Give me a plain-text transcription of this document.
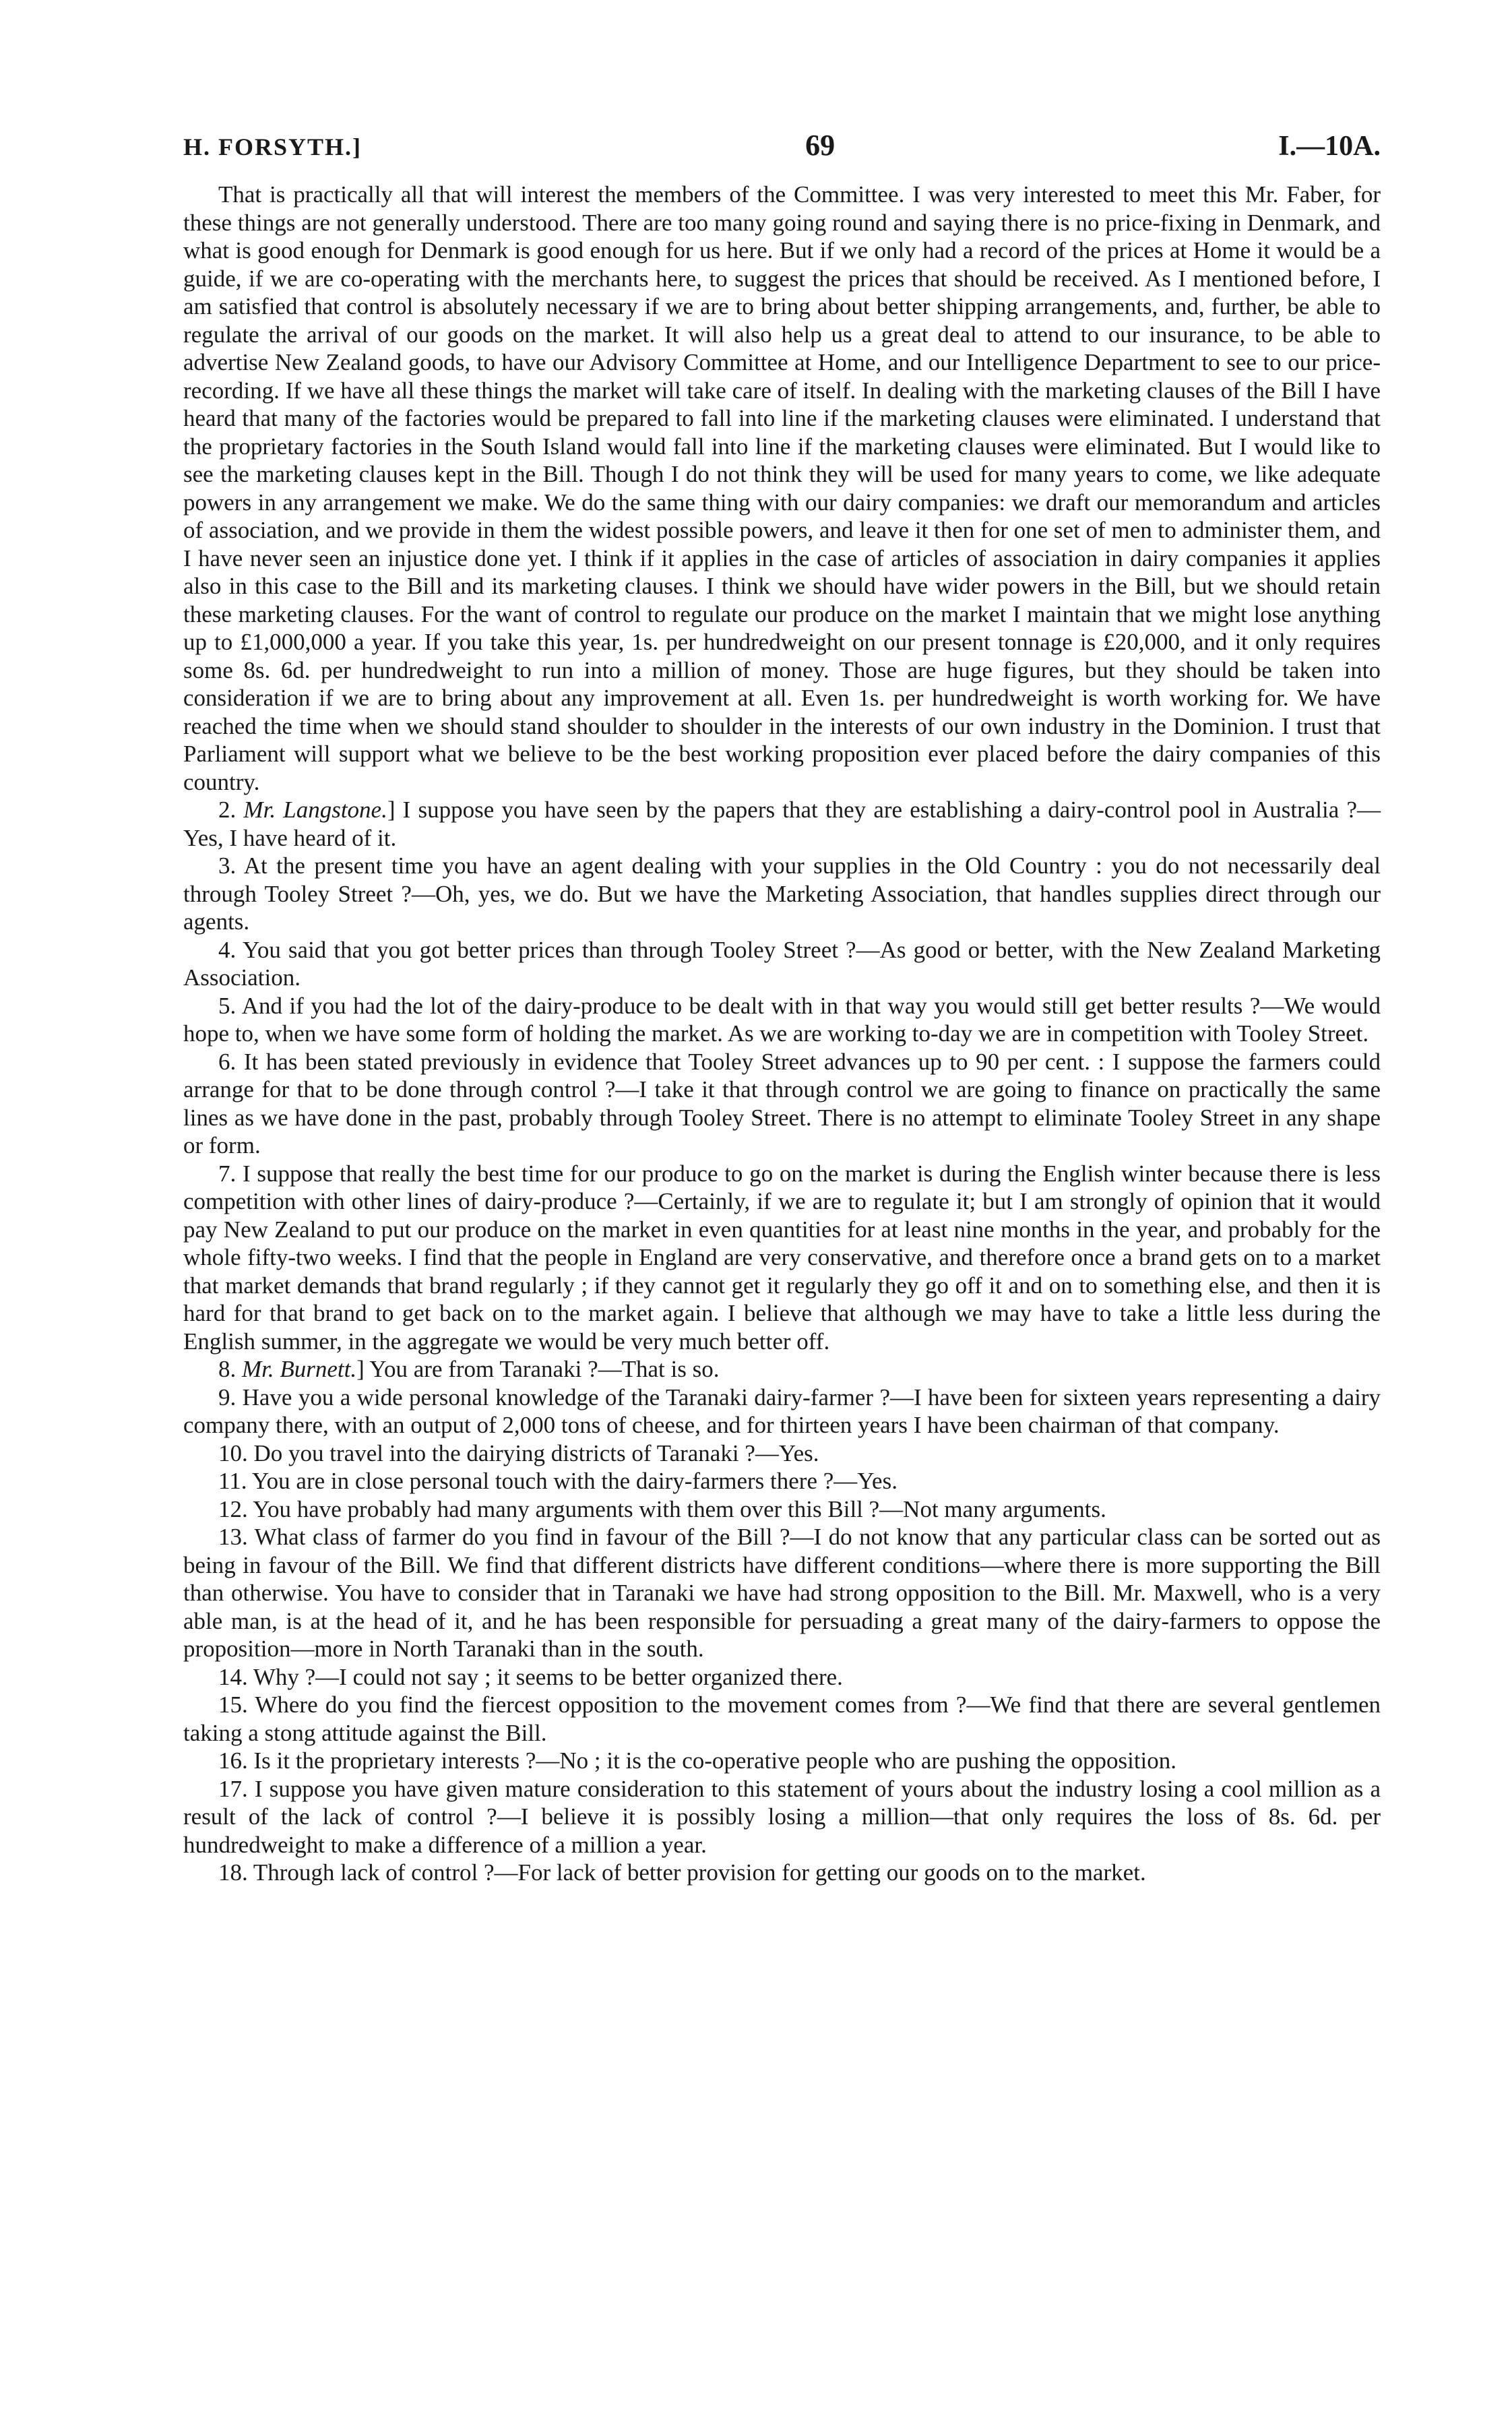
H. FORSYTH.]	69	I.—10A.

That is practically all that will interest the members of the Committee. I was very interested to meet this Mr. Faber, for these things are not generally understood. There are too many going round and saying there is no price-fixing in Denmark, and what is good enough for Denmark is good enough for us here. But if we only had a record of the prices at Home it would be a guide, if we are co-operating with the merchants here, to suggest the prices that should be received. As I mentioned before, I am satisfied that control is absolutely necessary if we are to bring about better shipping arrangements, and, further, be able to regulate the arrival of our goods on the market. It will also help us a great deal to attend to our insurance, to be able to advertise New Zealand goods, to have our Advisory Committee at Home, and our Intelligence Department to see to our price-recording. If we have all these things the market will take care of itself. In dealing with the marketing clauses of the Bill I have heard that many of the factories would be prepared to fall into line if the marketing clauses were eliminated. I understand that the proprietary factories in the South Island would fall into line if the marketing clauses were eliminated. But I would like to see the marketing clauses kept in the Bill. Though I do not think they will be used for many years to come, we like adequate powers in any arrangement we make. We do the same thing with our dairy companies: we draft our memorandum and articles of association, and we provide in them the widest possible powers, and leave it then for one set of men to administer them, and I have never seen an injustice done yet. I think if it applies in the case of articles of association in dairy companies it applies also in this case to the Bill and its marketing clauses. I think we should have wider powers in the Bill, but we should retain these marketing clauses. For the want of control to regulate our produce on the market I maintain that we might lose anything up to £1,000,000 a year. If you take this year, 1s. per hundredweight on our present tonnage is £20,000, and it only requires some 8s. 6d. per hundredweight to run into a million of money. Those are huge figures, but they should be taken into consideration if we are to bring about any improvement at all. Even 1s. per hundredweight is worth working for. We have reached the time when we should stand shoulder to shoulder in the interests of our own industry in the Dominion. I trust that Parliament will support what we believe to be the best working proposition ever placed before the dairy companies of this country.

2. Mr. Langstone.] I suppose you have seen by the papers that they are establishing a dairy-control pool in Australia ?—Yes, I have heard of it.

3. At the present time you have an agent dealing with your supplies in the Old Country : you do not necessarily deal through Tooley Street ?—Oh, yes, we do. But we have the Marketing Association, that handles supplies direct through our agents.

4. You said that you got better prices than through Tooley Street ?—As good or better, with the New Zealand Marketing Association.

5. And if you had the lot of the dairy-produce to be dealt with in that way you would still get better results ?—We would hope to, when we have some form of holding the market. As we are working to-day we are in competition with Tooley Street.

6. It has been stated previously in evidence that Tooley Street advances up to 90 per cent. : I suppose the farmers could arrange for that to be done through control ?—I take it that through control we are going to finance on practically the same lines as we have done in the past, probably through Tooley Street. There is no attempt to eliminate Tooley Street in any shape or form.

7. I suppose that really the best time for our produce to go on the market is during the English winter because there is less competition with other lines of dairy-produce ?—Certainly, if we are to regulate it; but I am strongly of opinion that it would pay New Zealand to put our produce on the market in even quantities for at least nine months in the year, and probably for the whole fifty-two weeks. I find that the people in England are very conservative, and therefore once a brand gets on to a market that market demands that brand regularly ; if they cannot get it regularly they go off it and on to something else, and then it is hard for that brand to get back on to the market again. I believe that although we may have to take a little less during the English summer, in the aggregate we would be very much better off.

8. Mr. Burnett.] You are from Taranaki ?—That is so.

9. Have you a wide personal knowledge of the Taranaki dairy-farmer ?—I have been for sixteen years representing a dairy company there, with an output of 2,000 tons of cheese, and for thirteen years I have been chairman of that company.

10. Do you travel into the dairying districts of Taranaki ?—Yes.

11. You are in close personal touch with the dairy-farmers there ?—Yes.

12. You have probably had many arguments with them over this Bill ?—Not many arguments.

13. What class of farmer do you find in favour of the Bill ?—I do not know that any particular class can be sorted out as being in favour of the Bill. We find that different districts have different conditions—where there is more supporting the Bill than otherwise. You have to consider that in Taranaki we have had strong opposition to the Bill. Mr. Maxwell, who is a very able man, is at the head of it, and he has been responsible for persuading a great many of the dairy-farmers to oppose the proposition—more in North Taranaki than in the south.

14. Why ?—I could not say ; it seems to be better organized there.

15. Where do you find the fiercest opposition to the movement comes from ?—We find that there are several gentlemen taking a stong attitude against the Bill.

16. Is it the proprietary interests ?—No ; it is the co-operative people who are pushing the opposition.

17. I suppose you have given mature consideration to this statement of yours about the industry losing a cool million as a result of the lack of control ?—I believe it is possibly losing a million—that only requires the loss of 8s. 6d. per hundredweight to make a difference of a million a year.

18. Through lack of control ?—For lack of better provision for getting our goods on to the market.
